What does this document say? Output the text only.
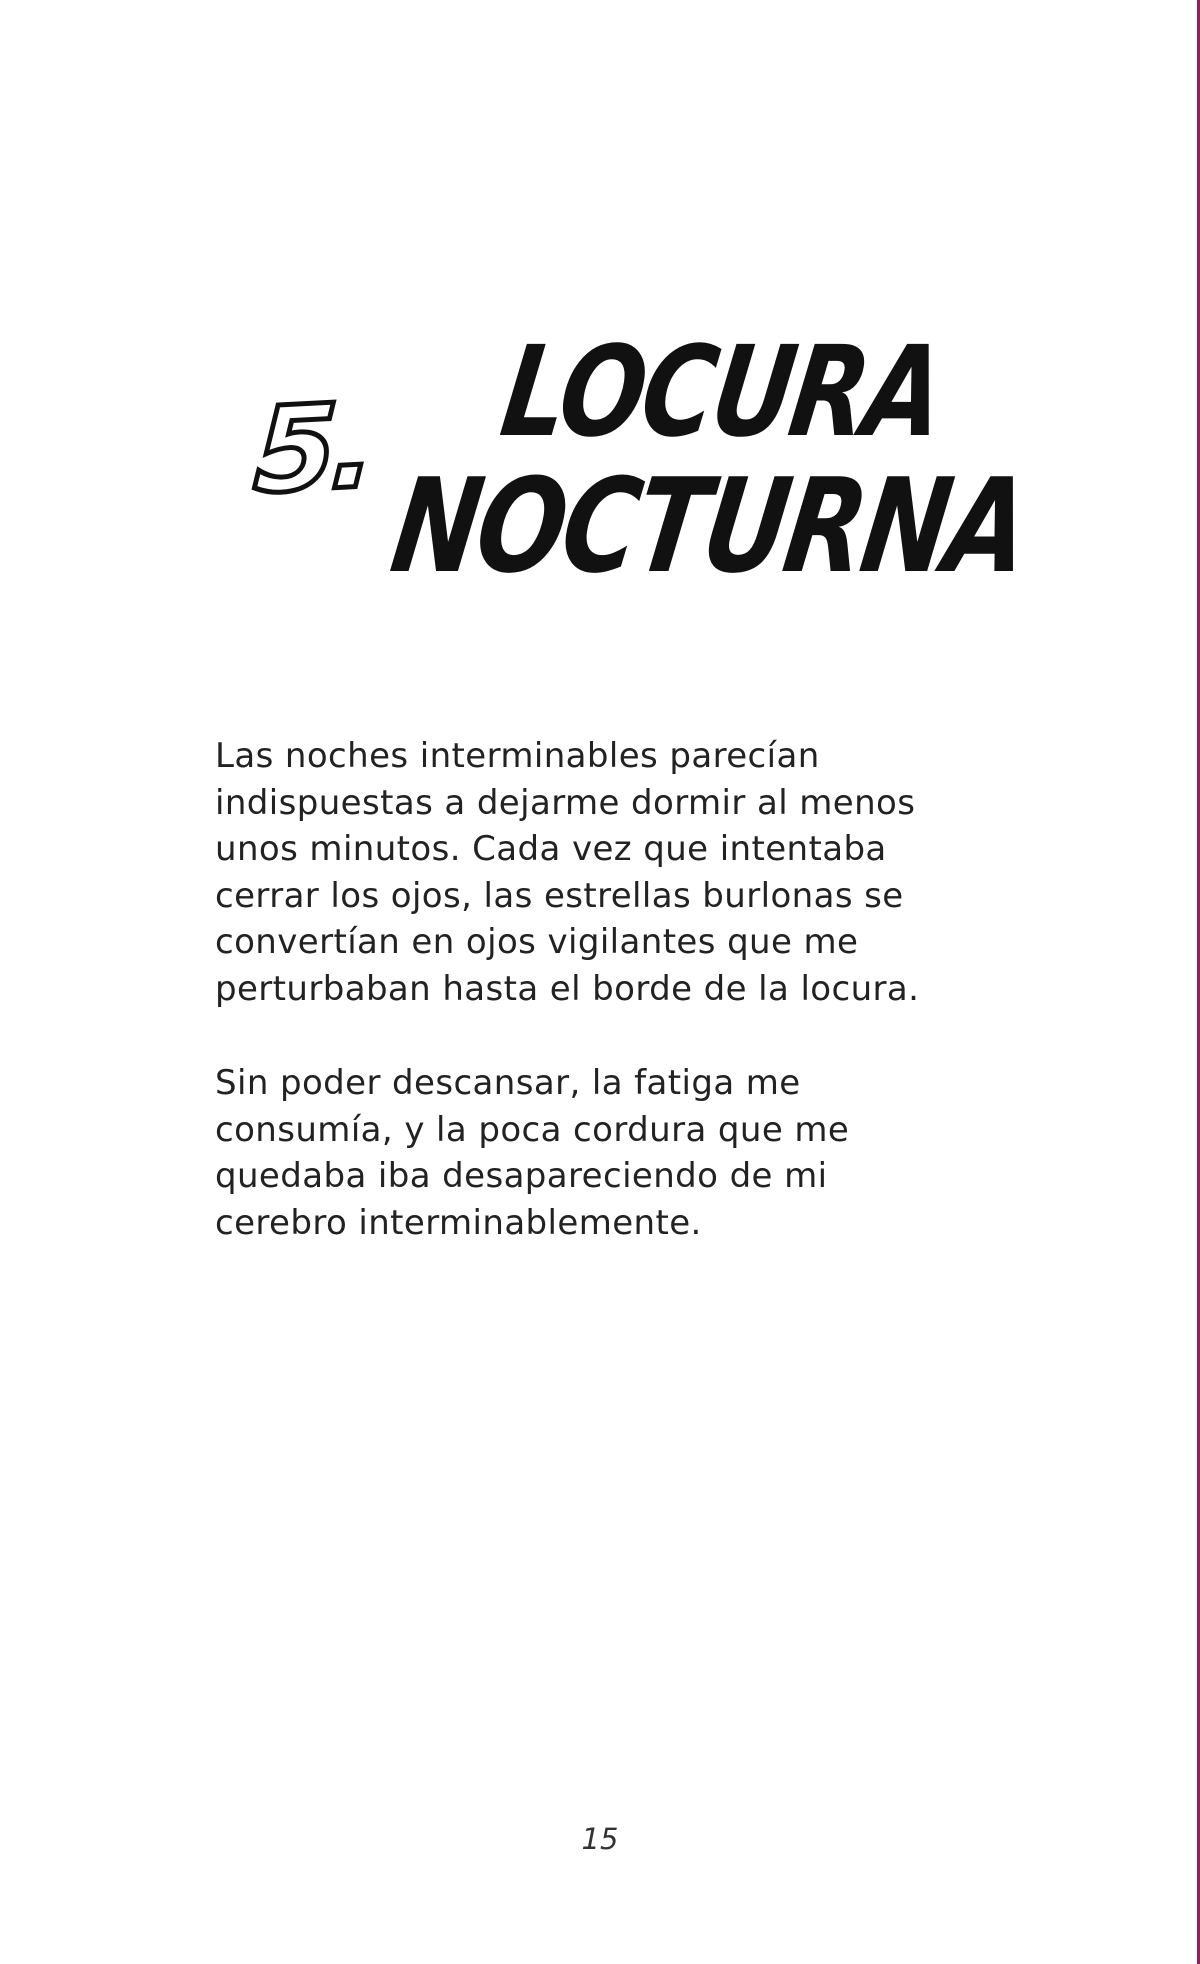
5. LOCURA
NOCTURNA

Las noches interminables parecían
indispuestas a dejarme dormir al menos
unos minutos. Cada vez que intentaba
cerrar los ojos, las estrellas burlonas se
convertían en ojos vigilantes que me
perturbaban hasta el borde de la locura.

Sin poder descansar, la fatiga me
consumía, y la poca cordura que me
quedaba iba desapareciendo de mi
cerebro interminablemente.

15
